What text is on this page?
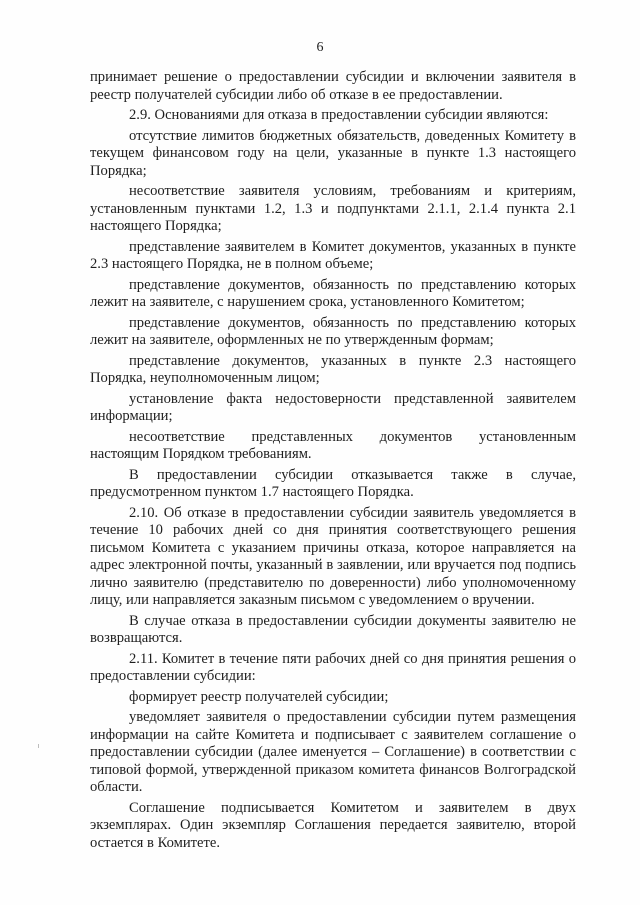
6

принимает решение о предоставлении субсидии и включении заявителя в реестр получателей субсидии либо об отказе в ее предоставлении.

2.9. Основаниями для отказа в предоставлении субсидии являются:

отсутствие лимитов бюджетных обязательств, доведенных Комитету в текущем финансовом году на цели, указанные в пункте 1.3 настоящего Порядка;

несоответствие заявителя условиям, требованиям и критериям, установленным пунктами 1.2, 1.3 и подпунктами 2.1.1, 2.1.4 пункта 2.1 настоящего Порядка;

представление заявителем в Комитет документов, указанных в пункте 2.3 настоящего Порядка, не в полном объеме;

представление документов, обязанность по представлению которых лежит на заявителе, с нарушением срока, установленного Комитетом;

представление документов, обязанность по представлению которых лежит на заявителе, оформленных не по утвержденным формам;

представление документов, указанных в пункте 2.3 настоящего Порядка, неуполномоченным лицом;

установление факта недостоверности представленной заявителем информации;

несоответствие представленных документов установленным настоящим Порядком требованиям.

В предоставлении субсидии отказывается также в случае, предусмотренном пунктом 1.7 настоящего Порядка.

2.10. Об отказе в предоставлении субсидии заявитель уведомляется в течение 10 рабочих дней со дня принятия соответствующего решения письмом Комитета с указанием причины отказа, которое направляется на адрес электронной почты, указанный в заявлении, или вручается под подпись лично заявителю (представителю по доверенности) либо уполномоченному лицу, или направляется заказным письмом с уведомлением о вручении.

В случае отказа в предоставлении субсидии документы заявителю не возвращаются.

2.11. Комитет в течение пяти рабочих дней со дня принятия решения о предоставлении субсидии:

формирует реестр получателей субсидии;

уведомляет заявителя о предоставлении субсидии путем размещения информации на сайте Комитета и подписывает с заявителем соглашение о предоставлении субсидии (далее именуется – Соглашение) в соответствии с типовой формой, утвержденной приказом комитета финансов Волгоградской области.

Соглашение подписывается Комитетом и заявителем в двух экземплярах. Один экземпляр Соглашения передается заявителю, второй остается в Комитете.
